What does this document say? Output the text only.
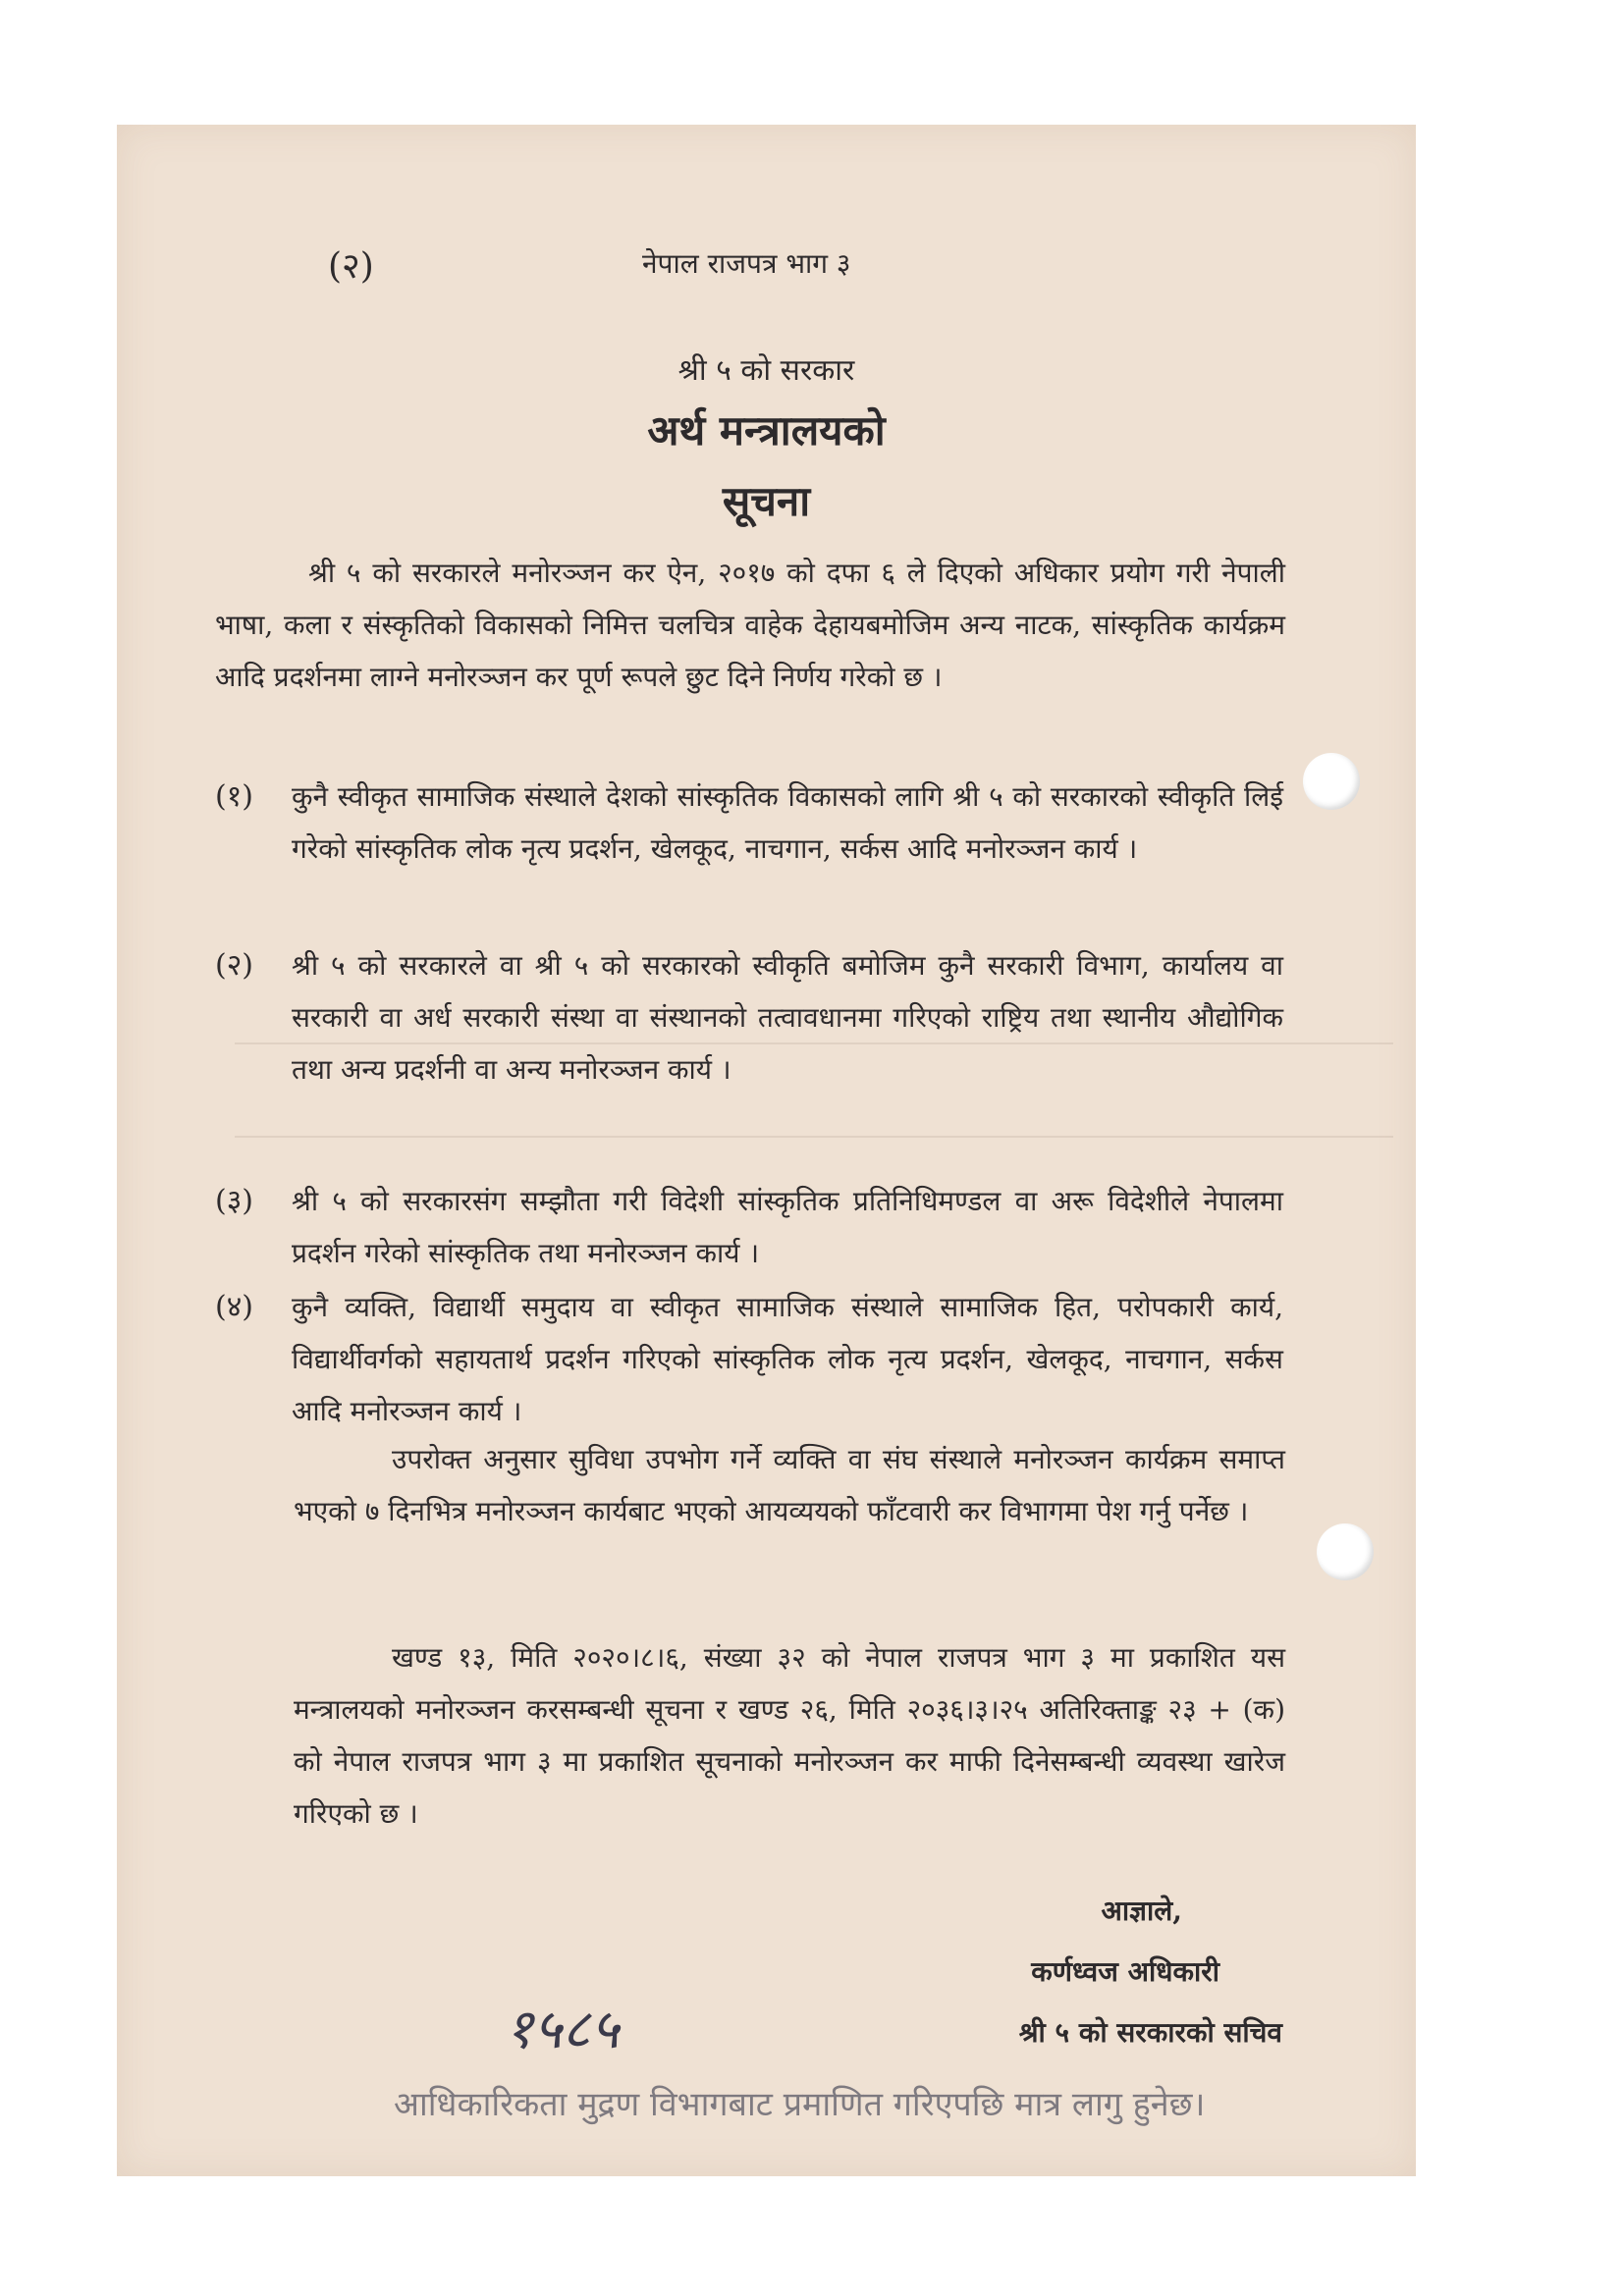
(२)	नेपाल राजपत्र भाग ३
श्री ५ को सरकार
अर्थ मन्त्रालयको
सूचना
श्री ५ को सरकारले मनोरञ्जन कर ऐन, २०१७ को दफा ६ ले दिएको अधिकार प्रयोग गरी नेपाली भाषा, कला र संस्कृतिको विकासको निमित्त चलचित्र वाहेक देहायबमोजिम अन्य नाटक, सांस्कृतिक कार्यक्रम आदि प्रदर्शनमा लाग्ने मनोरञ्जन कर पूर्ण रूपले छुट दिने निर्णय गरेको छ ।
(१)	कुनै स्वीकृत सामाजिक संस्थाले देशको सांस्कृतिक विकासको लागि श्री ५ को सरकारको स्वीकृति लिई गरेको सांस्कृतिक लोक नृत्य प्रदर्शन, खेलकूद, नाचगान, सर्कस आदि मनोरञ्जन कार्य ।
(२)	श्री ५ को सरकारले वा श्री ५ को सरकारको स्वीकृति बमोजिम कुनै सरकारी विभाग, कार्यालय वा सरकारी वा अर्ध सरकारी संस्था वा संस्थानको तत्वावधानमा गरिएको राष्ट्रिय तथा स्थानीय औद्योगिक तथा अन्य प्रदर्शनी वा अन्य मनोरञ्जन कार्य ।
(३)	श्री ५ को सरकारसंग सम्झौता गरी विदेशी सांस्कृतिक प्रतिनिधिमण्डल वा अरू विदेशीले नेपालमा प्रदर्शन गरेको सांस्कृतिक तथा मनोरञ्जन कार्य ।
(४)	कुनै व्यक्ति, विद्यार्थी समुदाय वा स्वीकृत सामाजिक संस्थाले सामाजिक हित, परोपकारी कार्य, विद्यार्थीवर्गको सहायतार्थ प्रदर्शन गरिएको सांस्कृतिक लोक नृत्य प्रदर्शन, खेलकूद, नाचगान, सर्कस आदि मनोरञ्जन कार्य ।
उपरोक्त अनुसार सुविधा उपभोग गर्ने व्यक्ति वा संघ संस्थाले मनोरञ्जन कार्यक्रम समाप्त भएको ७ दिनभित्र मनोरञ्जन कार्यबाट भएको आयव्ययको फाँटवारी कर विभागमा पेश गर्नु पर्नेछ ।
खण्ड १३, मिति २०२०।८।६, संख्या ३२ को नेपाल राजपत्र भाग ३ मा प्रकाशित यस मन्त्रालयको मनोरञ्जन करसम्बन्धी सूचना र खण्ड २६, मिति २०३६।३।२५ अतिरिक्ताङ्क २३ + (क) को नेपाल राजपत्र भाग ३ मा प्रकाशित सूचनाको मनोरञ्जन कर माफी दिनेसम्बन्धी व्यवस्था खारेज गरिएको छ ।
आज्ञाले,
कर्णध्वज अधिकारी
श्री ५ को सरकारको सचिव
१५८५
आधिकारिकता मुद्रण विभागबाट प्रमाणित गरिएपछि मात्र लागु हुनेछ।
